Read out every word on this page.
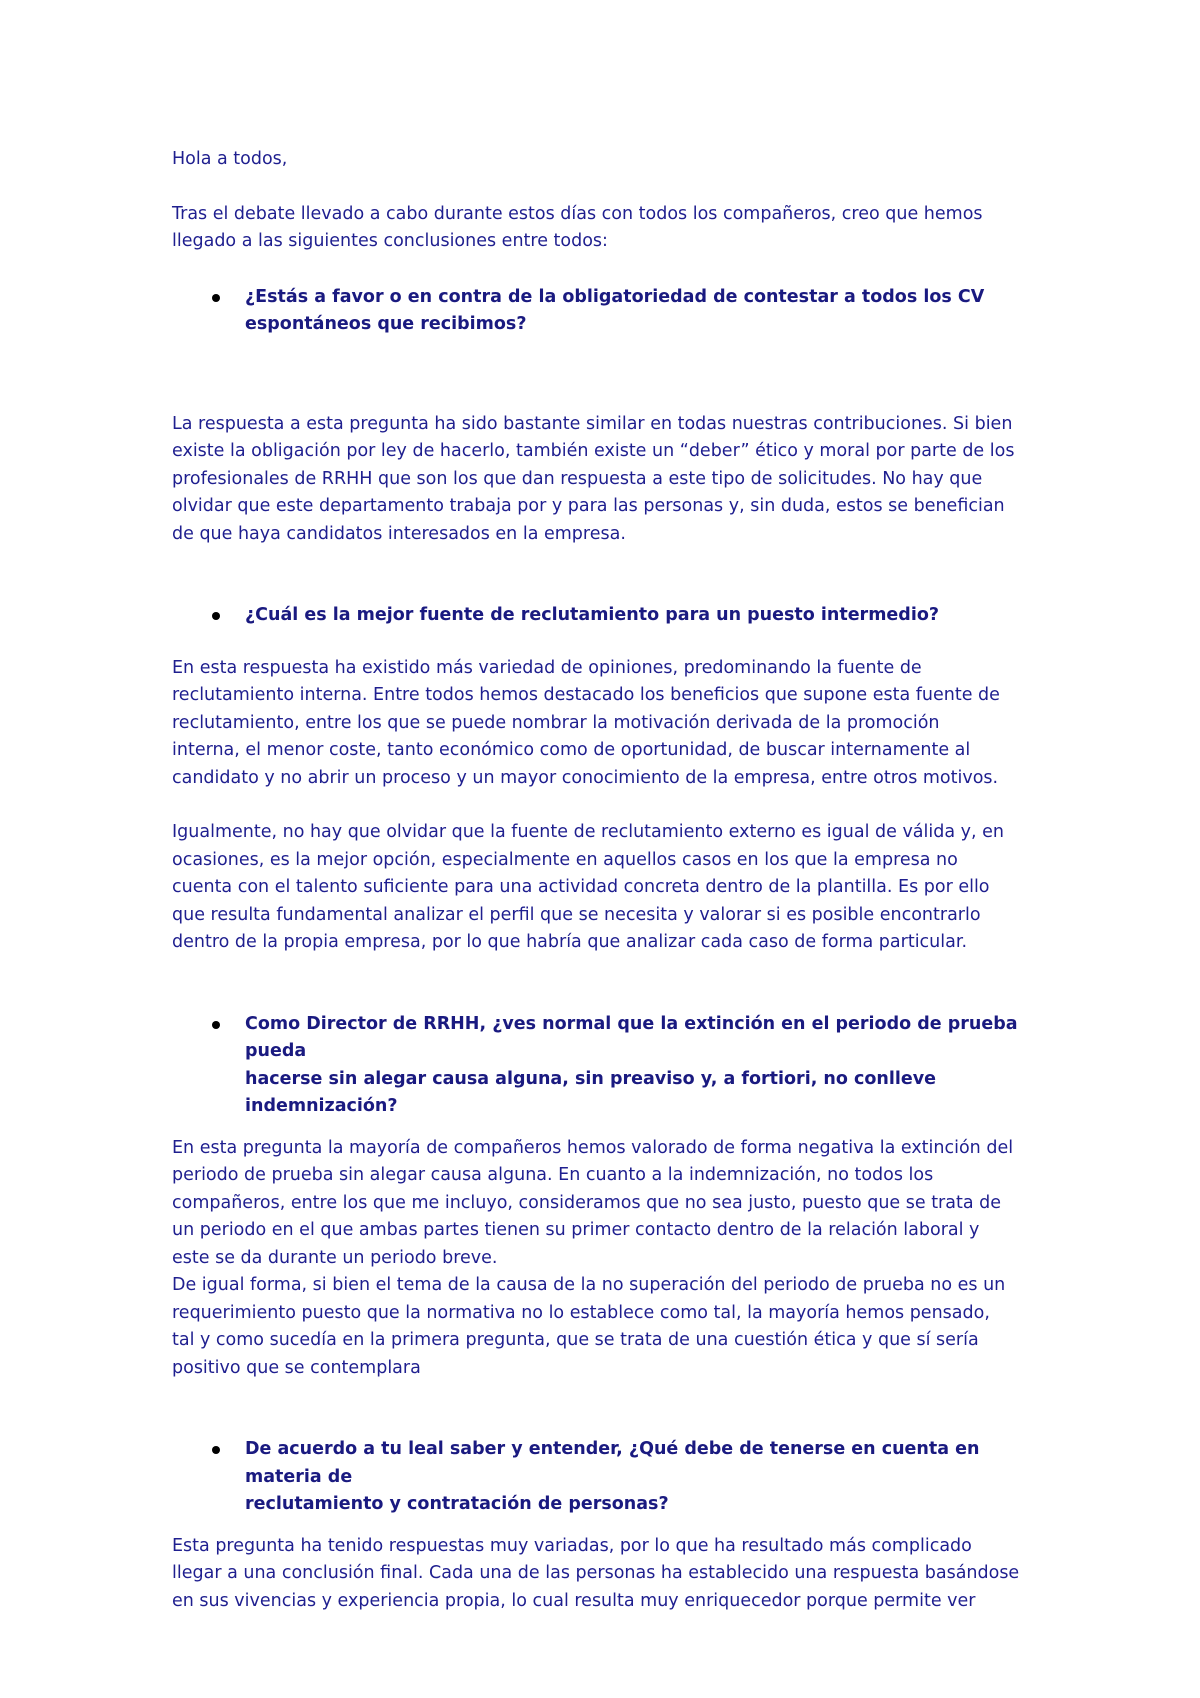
Hola a todos,

Tras el debate llevado a cabo durante estos días con todos los compañeros, creo que hemos
llegado a las siguientes conclusiones entre todos:

¿Estás a favor o en contra de la obligatoriedad de contestar a todos los CV
espontáneos que recibimos?

La respuesta a esta pregunta ha sido bastante similar en todas nuestras contribuciones. Si bien
existe la obligación por ley de hacerlo, también existe un “deber” ético y moral por parte de los
profesionales de RRHH que son los que dan respuesta a este tipo de solicitudes. No hay que
olvidar que este departamento trabaja por y para las personas y, sin duda, estos se benefician
de que haya candidatos interesados en la empresa.

¿Cuál es la mejor fuente de reclutamiento para un puesto intermedio?

En esta respuesta ha existido más variedad de opiniones, predominando la fuente de
reclutamiento interna. Entre todos hemos destacado los beneficios que supone esta fuente de
reclutamiento, entre los que se puede nombrar la motivación derivada de la promoción
interna, el menor coste, tanto económico como de oportunidad, de buscar internamente al
candidato y no abrir un proceso y un mayor conocimiento de la empresa, entre otros motivos.

Igualmente, no hay que olvidar que la fuente de reclutamiento externo es igual de válida y, en
ocasiones, es la mejor opción, especialmente en aquellos casos en los que la empresa no
cuenta con el talento suficiente para una actividad concreta dentro de la plantilla. Es por ello
que resulta fundamental analizar el perfil que se necesita y valorar si es posible encontrarlo
dentro de la propia empresa, por lo que habría que analizar cada caso de forma particular.

Como Director de RRHH, ¿ves normal que la extinción en el periodo de prueba pueda
hacerse sin alegar causa alguna, sin preaviso y, a fortiori, no conlleve indemnización?

En esta pregunta la mayoría de compañeros hemos valorado de forma negativa la extinción del
periodo de prueba sin alegar causa alguna. En cuanto a la indemnización, no todos los
compañeros, entre los que me incluyo, consideramos que no sea justo, puesto que se trata de
un periodo en el que ambas partes tienen su primer contacto dentro de la relación laboral y
este se da durante un periodo breve.
De igual forma, si bien el tema de la causa de la no superación del periodo de prueba no es un
requerimiento puesto que la normativa no lo establece como tal, la mayoría hemos pensado,
tal y como sucedía en la primera pregunta, que se trata de una cuestión ética y que sí sería
positivo que se contemplara

De acuerdo a tu leal saber y entender, ¿Qué debe de tenerse en cuenta en materia de
reclutamiento y contratación de personas?

Esta pregunta ha tenido respuestas muy variadas, por lo que ha resultado más complicado
llegar a una conclusión final. Cada una de las personas ha establecido una respuesta basándose
en sus vivencias y experiencia propia, lo cual resulta muy enriquecedor porque permite ver
